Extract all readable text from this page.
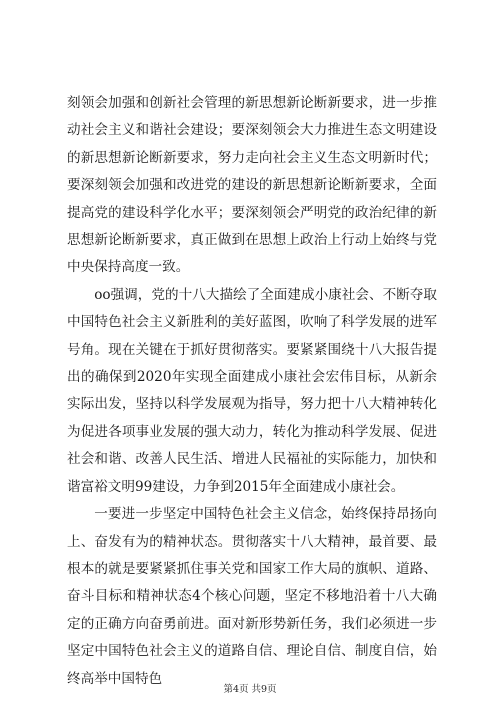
刻领会加强和创新社会管理的新思想新论断新要求，进一步推动社会主义和谐社会建设；要深刻领会大力推进生态文明建设的新思想新论断新要求，努力走向社会主义生态文明新时代；要深刻领会加强和改进党的建设的新思想新论断新要求，全面提高党的建设科学化水平；要深刻领会严明党的政治纪律的新思想新论断新要求，真正做到在思想上政治上行动上始终与党中央保持高度一致。

oo强调，党的十八大描绘了全面建成小康社会、不断夺取中国特色社会主义新胜利的美好蓝图，吹响了科学发展的进军号角。现在关键在于抓好贯彻落实。要紧紧围绕十八大报告提出的确保到2020年实现全面建成小康社会宏伟目标，从新余实际出发，坚持以科学发展观为指导，努力把十八大精神转化为促进各项事业发展的强大动力，转化为推动科学发展、促进社会和谐、改善人民生活、增进人民福祉的实际能力，加快和谐富裕文明99建设，力争到2015年全面建成小康社会。

一要进一步坚定中国特色社会主义信念，始终保持昂扬向上、奋发有为的精神状态。贯彻落实十八大精神，最首要、最根本的就是要紧紧抓住事关党和国家工作大局的旗帜、道路、奋斗目标和精神状态4个核心问题，坚定不移地沿着十八大确定的正确方向奋勇前进。面对新形势新任务，我们必须进一步坚定中国特色社会主义的道路自信、理论自信、制度自信，始终高举中国特色

第4页 共9页
